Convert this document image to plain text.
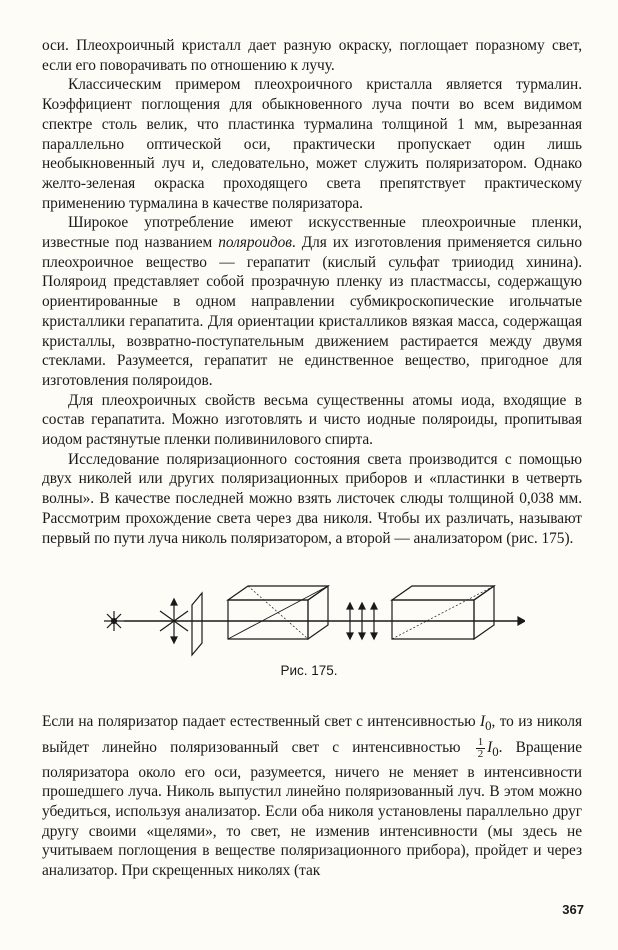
оси. Плеохроичный кристалл дает разную окраску, поглощает поразному свет, если его поворачивать по отношению к лучу.

Классическим примером плеохроичного кристалла является турмалин. Коэффициент поглощения для обыкновенного луча почти во всем видимом спектре столь велик, что пластинка турмалина толщиной 1 мм, вырезанная параллельно оптической оси, практически пропускает один лишь необыкновенный луч и, следовательно, может служить поляризатором. Однако желто-зеленая окраска проходящего света препятствует практическому применению турмалина в качестве поляризатора.

Широкое употребление имеют искусственные плеохроичные пленки, известные под названием поляроидов. Для их изготовления применяется сильно плеохроичное вещество — герапатит (кислый сульфат трииодид хинина). Поляроид представляет собой прозрачную пленку из пластмассы, содержащую ориентированные в одном направлении субмикроскопические игольчатые кристаллики герапатита. Для ориентации кристалликов вязкая масса, содержащая кристаллы, возвратно-поступательным движением растирается между двумя стеклами. Разумеется, герапатит не единственное вещество, пригодное для изготовления поляроидов.

Для плеохроичных свойств весьма существенны атомы иода, входящие в состав герапатита. Можно изготовлять и чисто иодные поляроиды, пропитывая иодом растянутые пленки поливинилового спирта.

Исследование поляризационного состояния света производится с помощью двух николей или других поляризационных приборов и «пластинки в четверть волны». В качестве последней можно взять листочек слюды толщиной 0,038 мм. Рассмотрим прохождение света через два николя. Чтобы их различать, называют первый по пути луча николь поляризатором, а второй — анализатором (рис. 175).

Рис. 175.

Если на поляризатор падает естественный свет с интенсивностью $I_0$, то из николя выйдет линейно поляризованный свет с интенсивностью $\frac{1}{2} I_0$. Вращение поляризатора около его оси, разумеется, ничего не меняет в интенсивности прошедшего луча. Николь выпустил линейно поляризованный луч. В этом можно убедиться, используя анализатор. Если оба николя установлены параллельно друг другу своими «щелями», то свет, не изменив интенсивности (мы здесь не учитываем поглощения в веществе поляризационного прибора), пройдет и через анализатор. При скрещенных николях (так

367
